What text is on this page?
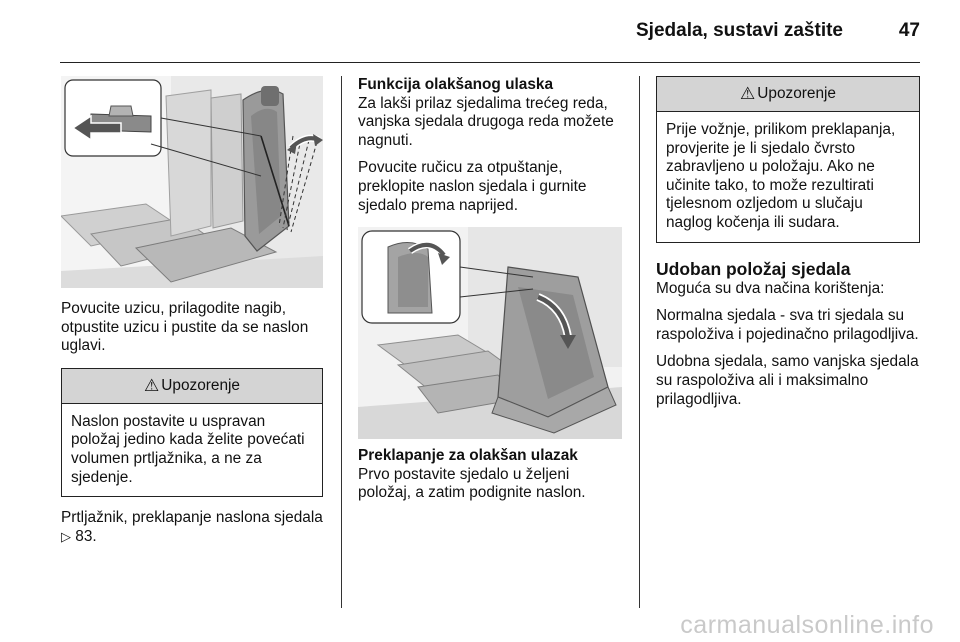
Sjedala, sustavi zaštite	47

Povucite uzicu, prilagodite nagib, otpustite uzicu i pustite da se naslon uglavi.

⚠ Upozorenje
Naslon postavite u uspravan položaj jedino kada želite povećati volumen prtljažnika, a ne za sjedenje.

Prtljažnik, preklapanje naslona sjedala ▷ 83.

Funkcija olakšanog ulaska

Za lakši prilaz sjedalima trećeg reda, vanjska sjedala drugoga reda možete nagnuti.

Povucite ručicu za otpuštanje, preklopite naslon sjedala i gurnite sjedalo prema naprijed.

Preklapanje za olakšan ulazak

Prvo postavite sjedalo u željeni položaj, a zatim podignite naslon.

⚠ Upozorenje
Prije vožnje, prilikom preklapanja, provjerite je li sjedalo čvrsto zabravljeno u položaju. Ako ne učinite tako, to može rezultirati tjelesnom ozljedom u slučaju naglog kočenja ili sudara.
Udoban položaj sjedala

Moguća su dva načina korištenja:

Normalna sjedala - sva tri sjedala su raspoloživa i pojedinačno prilagodljiva.

Udobna sjedala, samo vanjska sjedala su raspoloživa ali i maksimalno prilagodljiva.

carmanualsonline.info
